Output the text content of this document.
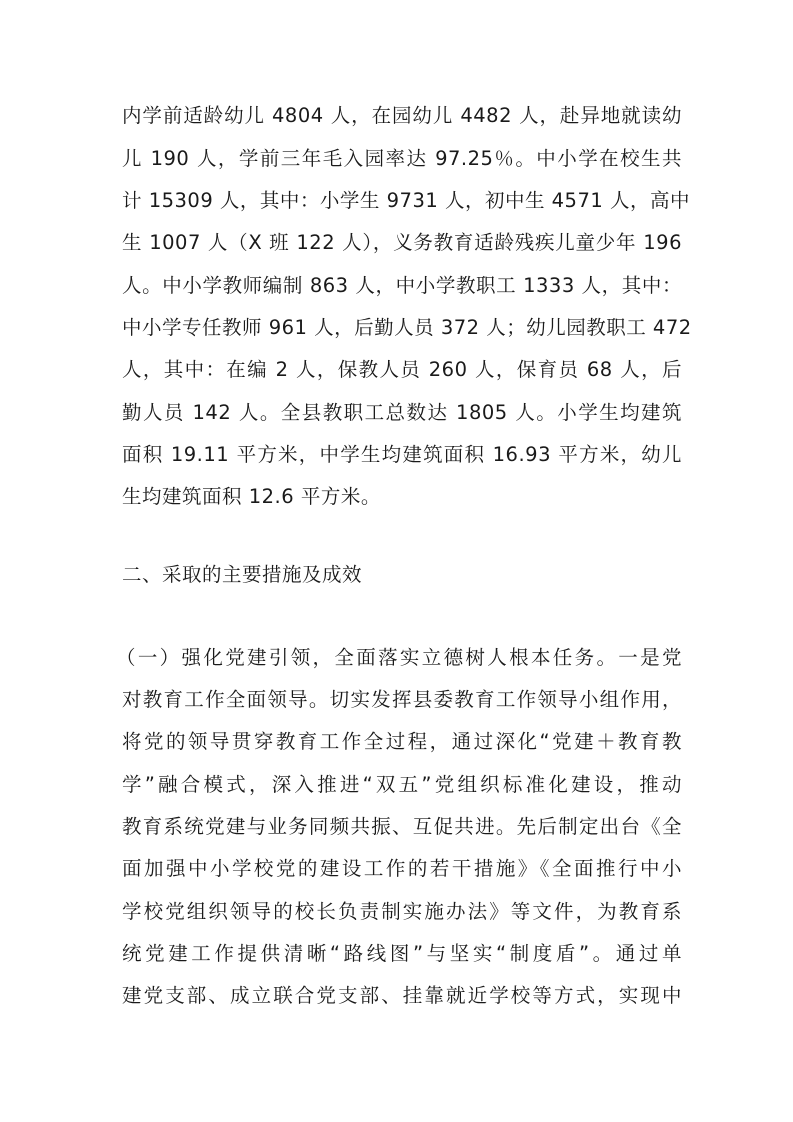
内学前适龄幼儿 4804 人，在园幼儿 4482 人，赴异地就读幼
儿 190 人，学前三年毛入园率达 97.25％。中小学在校生共
计 15309 人，其中：小学生 9731 人，初中生 4571 人，高中
生 1007 人（X 班 122 人），义务教育适龄残疾儿童少年 196
人。中小学教师编制 863 人，中小学教职工 1333 人，其中：
中小学专任教师 961 人，后勤人员 372 人；幼儿园教职工 472
人，其中：在编 2 人，保教人员 260 人，保育员 68 人，后
勤人员 142 人。全县教职工总数达 1805 人。小学生均建筑
面积 19.11 平方米，中学生均建筑面积 16.93 平方米，幼儿
生均建筑面积 12.6 平方米。
二、采取的主要措施及成效
（一）强化党建引领，全面落实立德树人根本任务。一是党
对教育工作全面领导。切实发挥县委教育工作领导小组作用，
将党的领导贯穿教育工作全过程，通过深化“党建＋教育教
学”融合模式，深入推进“双五”党组织标准化建设，推动
教育系统党建与业务同频共振、互促共进。先后制定出台《全
面加强中小学校党的建设工作的若干措施》《全面推行中小
学校党组织领导的校长负责制实施办法》等文件，为教育系
统党建工作提供清晰“路线图”与坚实“制度盾”。通过单
建党支部、成立联合党支部、挂靠就近学校等方式，实现中
